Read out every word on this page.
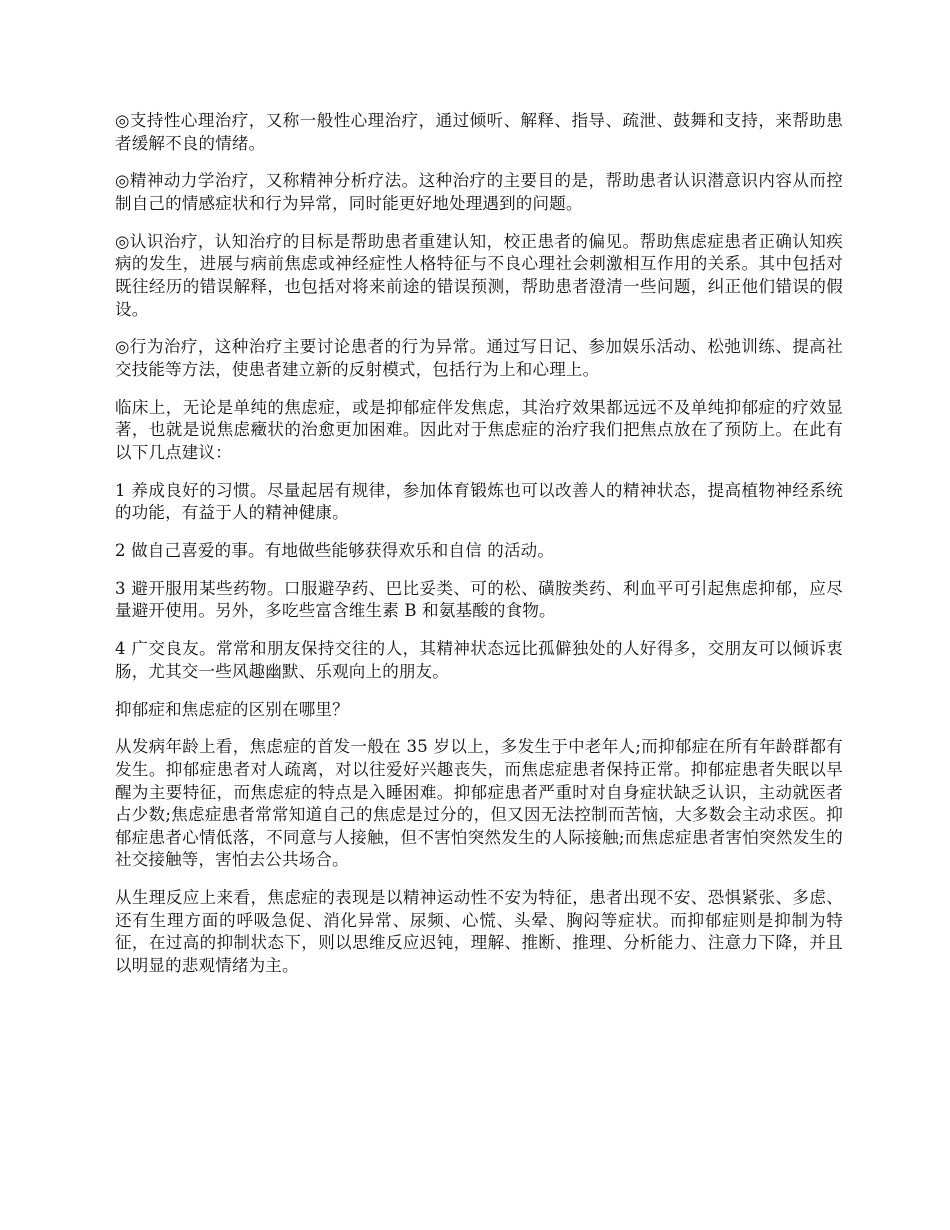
◎支持性心理治疗，又称一般性心理治疗，通过倾听、解释、指导、疏泄、鼓舞和支持，来帮助患者缓解不良的情绪。

◎精神动力学治疗，又称精神分析疗法。这种治疗的主要目的是，帮助患者认识潜意识内容从而控制自己的情感症状和行为异常，同时能更好地处理遇到的问题。

◎认识治疗，认知治疗的目标是帮助患者重建认知，校正患者的偏见。帮助焦虑症患者正确认知疾病的发生，进展与病前焦虑或神经症性人格特征与不良心理社会刺激相互作用的关系。其中包括对既往经历的错误解释，也包括对将来前途的错误预测，帮助患者澄清一些问题，纠正他们错误的假设。

◎行为治疗，这种治疗主要讨论患者的行为异常。通过写日记、参加娱乐活动、松弛训练、提高社交技能等方法，使患者建立新的反射模式，包括行为上和心理上。

临床上，无论是单纯的焦虑症，或是抑郁症伴发焦虑，其治疗效果都远远不及单纯抑郁症的疗效显著，也就是说焦虑癥状的治愈更加困难。因此对于焦虑症的治疗我们把焦点放在了预防上。在此有以下几点建议：

1 养成良好的习惯。尽量起居有规律，参加体育锻炼也可以改善人的精神状态，提高植物神经系统的功能，有益于人的精神健康。

2 做自己喜爱的事。有地做些能够获得欢乐和自信 的活动。

3 避开服用某些药物。口服避孕药、巴比妥类、可的松、磺胺类药、利血平可引起焦虑抑郁，应尽量避开使用。另外，多吃些富含维生素 B 和氨基酸的食物。

4 广交良友。常常和朋友保持交往的人，其精神状态远比孤僻独处的人好得多，交朋友可以倾诉衷肠，尤其交一些风趣幽默、乐观向上的朋友。

抑郁症和焦虑症的区别在哪里？

从发病年龄上看，焦虑症的首发一般在 35 岁以上，多发生于中老年人;而抑郁症在所有年龄群都有发生。抑郁症患者对人疏离，对以往爱好兴趣丧失，而焦虑症患者保持正常。抑郁症患者失眠以早醒为主要特征，而焦虑症的特点是入睡困难。抑郁症患者严重时对自身症状缺乏认识，主动就医者占少数;焦虑症患者常常知道自己的焦虑是过分的，但又因无法控制而苦恼，大多数会主动求医。抑郁症患者心情低落，不同意与人接触，但不害怕突然发生的人际接触;而焦虑症患者害怕突然发生的社交接触等，害怕去公共场合。

从生理反应上来看，焦虑症的表现是以精神运动性不安为特征，患者出现不安、恐惧紧张、多虑、还有生理方面的呼吸急促、消化异常、尿频、心慌、头晕、胸闷等症状。而抑郁症则是抑制为特征，在过高的抑制状态下，则以思维反应迟钝，理解、推断、推理、分析能力、注意力下降，并且以明显的悲观情绪为主。
